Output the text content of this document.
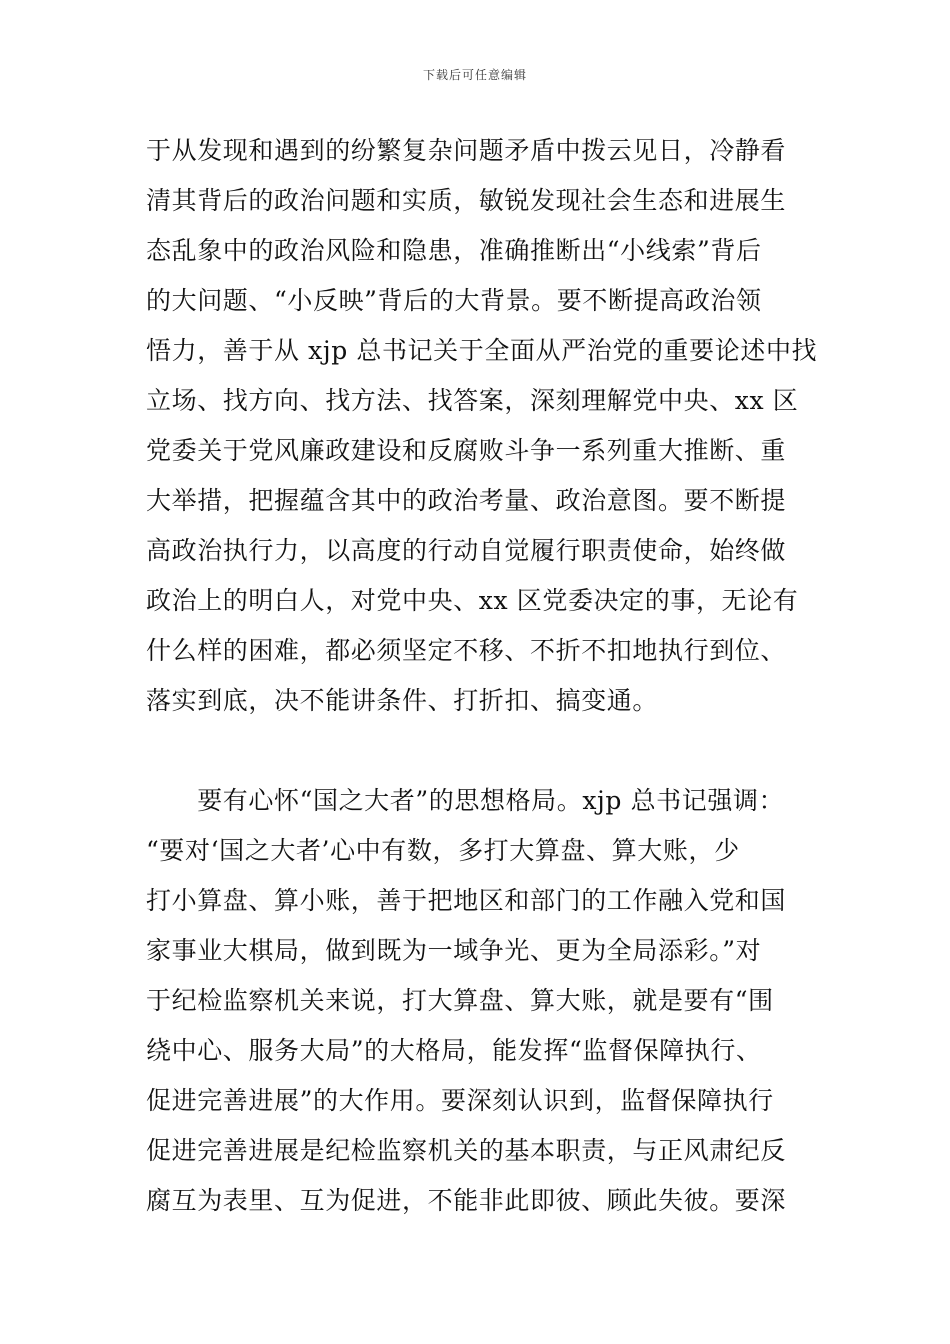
下载后可任意编辑
于从发现和遇到的纷繁复杂问题矛盾中拨云见日，冷静看
清其背后的政治问题和实质，敏锐发现社会生态和进展生
态乱象中的政治风险和隐患，准确推断出“小线索”背后
的大问题、“小反映”背后的大背景。要不断提高政治领
悟力，善于从 xjp 总书记关于全面从严治党的重要论述中找
立场、找方向、找方法、找答案，深刻理解党中央、xx 区
党委关于党风廉政建设和反腐败斗争一系列重大推断、重
大举措，把握蕴含其中的政治考量、政治意图。要不断提
高政治执行力，以高度的行动自觉履行职责使命，始终做
政治上的明白人，对党中央、xx 区党委决定的事，无论有
什么样的困难，都必须坚定不移、不折不扣地执行到位、
落实到底，决不能讲条件、打折扣、搞变通。
　　要有心怀“国之大者”的思想格局。xjp 总书记强调：
“要对‘国之大者’心中有数，多打大算盘、算大账，少
打小算盘、算小账，善于把地区和部门的工作融入党和国
家事业大棋局，做到既为一域争光、更为全局添彩。”对
于纪检监察机关来说，打大算盘、算大账，就是要有“围
绕中心、服务大局”的大格局，能发挥“监督保障执行、
促进完善进展”的大作用。要深刻认识到，监督保障执行
促进完善进展是纪检监察机关的基本职责，与正风肃纪反
腐互为表里、互为促进，不能非此即彼、顾此失彼。要深
